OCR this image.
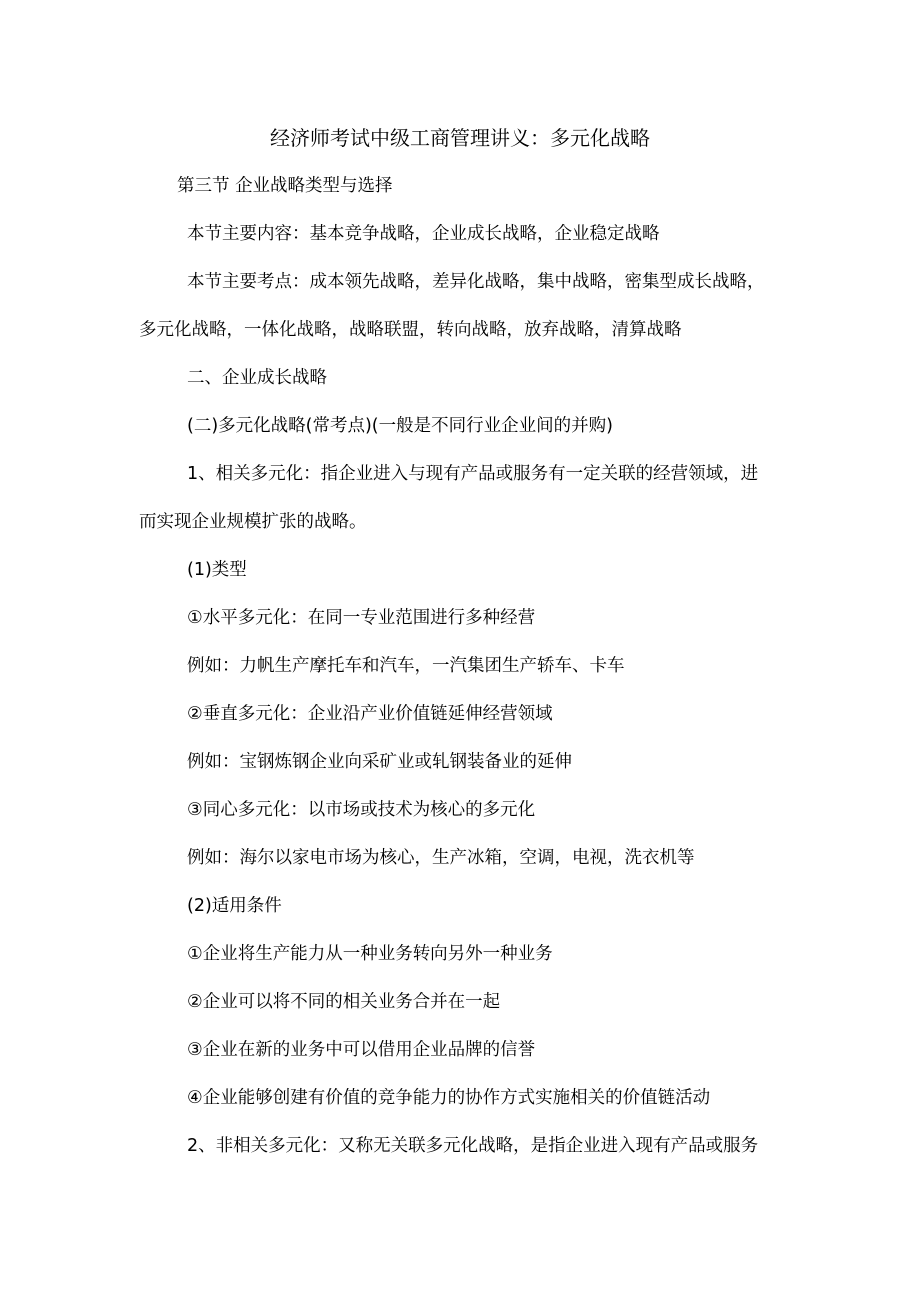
经济师考试中级工商管理讲义：多元化战略
第三节 企业战略类型与选择
本节主要内容：基本竞争战略，企业成长战略，企业稳定战略
本节主要考点：成本领先战略，差异化战略，集中战略，密集型成长战略，
多元化战略，一体化战略，战略联盟，转向战略，放弃战略，清算战略
二、企业成长战略
(二)多元化战略(常考点)(一般是不同行业企业间的并购)
1、相关多元化：指企业进入与现有产品或服务有一定关联的经营领域，进
而实现企业规模扩张的战略。
(1)类型
①水平多元化：在同一专业范围进行多种经营
例如：力帆生产摩托车和汽车，一汽集团生产轿车、卡车
②垂直多元化：企业沿产业价值链延伸经营领域
例如：宝钢炼钢企业向采矿业或轧钢装备业的延伸
③同心多元化：以市场或技术为核心的多元化
例如：海尔以家电市场为核心，生产冰箱，空调，电视，洗衣机等
(2)适用条件
①企业将生产能力从一种业务转向另外一种业务
②企业可以将不同的相关业务合并在一起
③企业在新的业务中可以借用企业品牌的信誉
④企业能够创建有价值的竞争能力的协作方式实施相关的价值链活动
2、非相关多元化：又称无关联多元化战略，是指企业进入现有产品或服务
